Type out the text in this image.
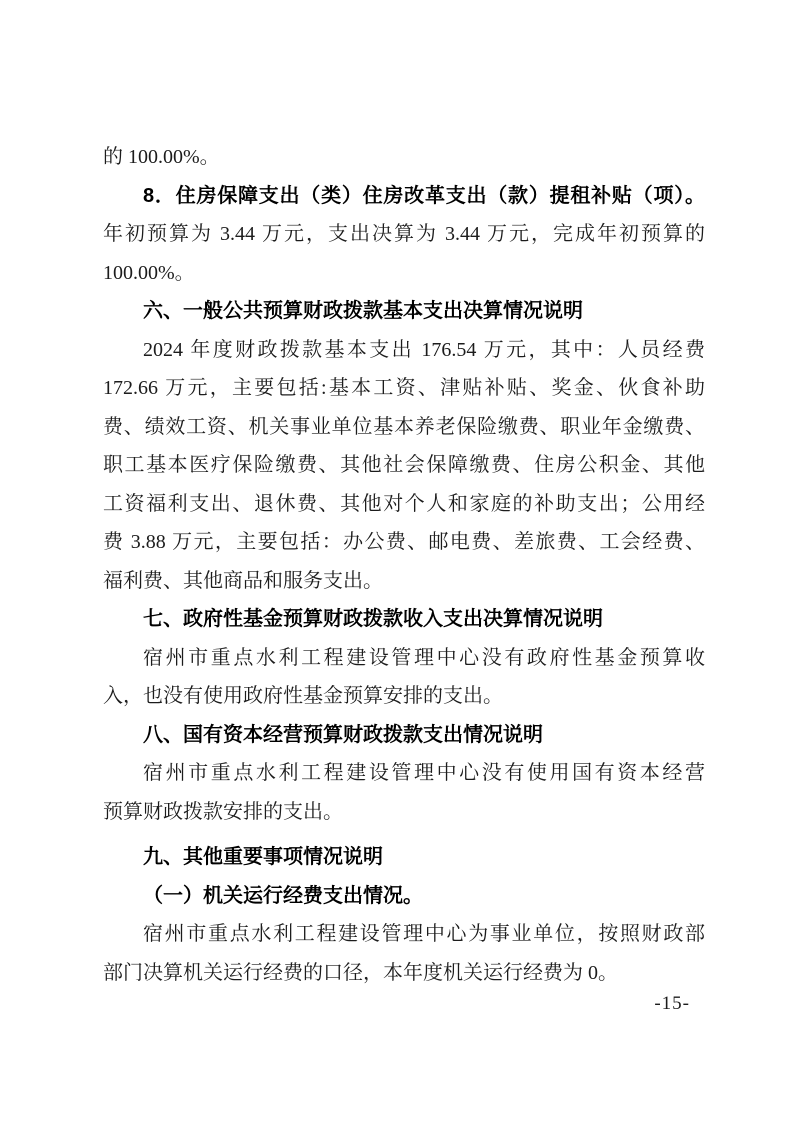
的 100.00%。
8．住房保障支出（类）住房改革支出（款）提租补贴（项）。
年初预算为 3.44 万元，支出决算为 3.44 万元，完成年初预算的
100.00%。
六、一般公共预算财政拨款基本支出决算情况说明
2024 年度财政拨款基本支出 176.54 万元，其中：人员经费
172.66 万元，主要包括:基本工资、津贴补贴、奖金、伙食补助
费、绩效工资、机关事业单位基本养老保险缴费、职业年金缴费、
职工基本医疗保险缴费、其他社会保障缴费、住房公积金、其他
工资福利支出、退休费、其他对个人和家庭的补助支出；公用经
费 3.88 万元，主要包括：办公费、邮电费、差旅费、工会经费、
福利费、其他商品和服务支出。
七、政府性基金预算财政拨款收入支出决算情况说明
宿州市重点水利工程建设管理中心没有政府性基金预算收
入，也没有使用政府性基金预算安排的支出。
八、国有资本经营预算财政拨款支出情况说明
宿州市重点水利工程建设管理中心没有使用国有资本经营
预算财政拨款安排的支出。
九、其他重要事项情况说明
（一）机关运行经费支出情况。
宿州市重点水利工程建设管理中心为事业单位，按照财政部
部门决算机关运行经费的口径，本年度机关运行经费为 0。
-15-
